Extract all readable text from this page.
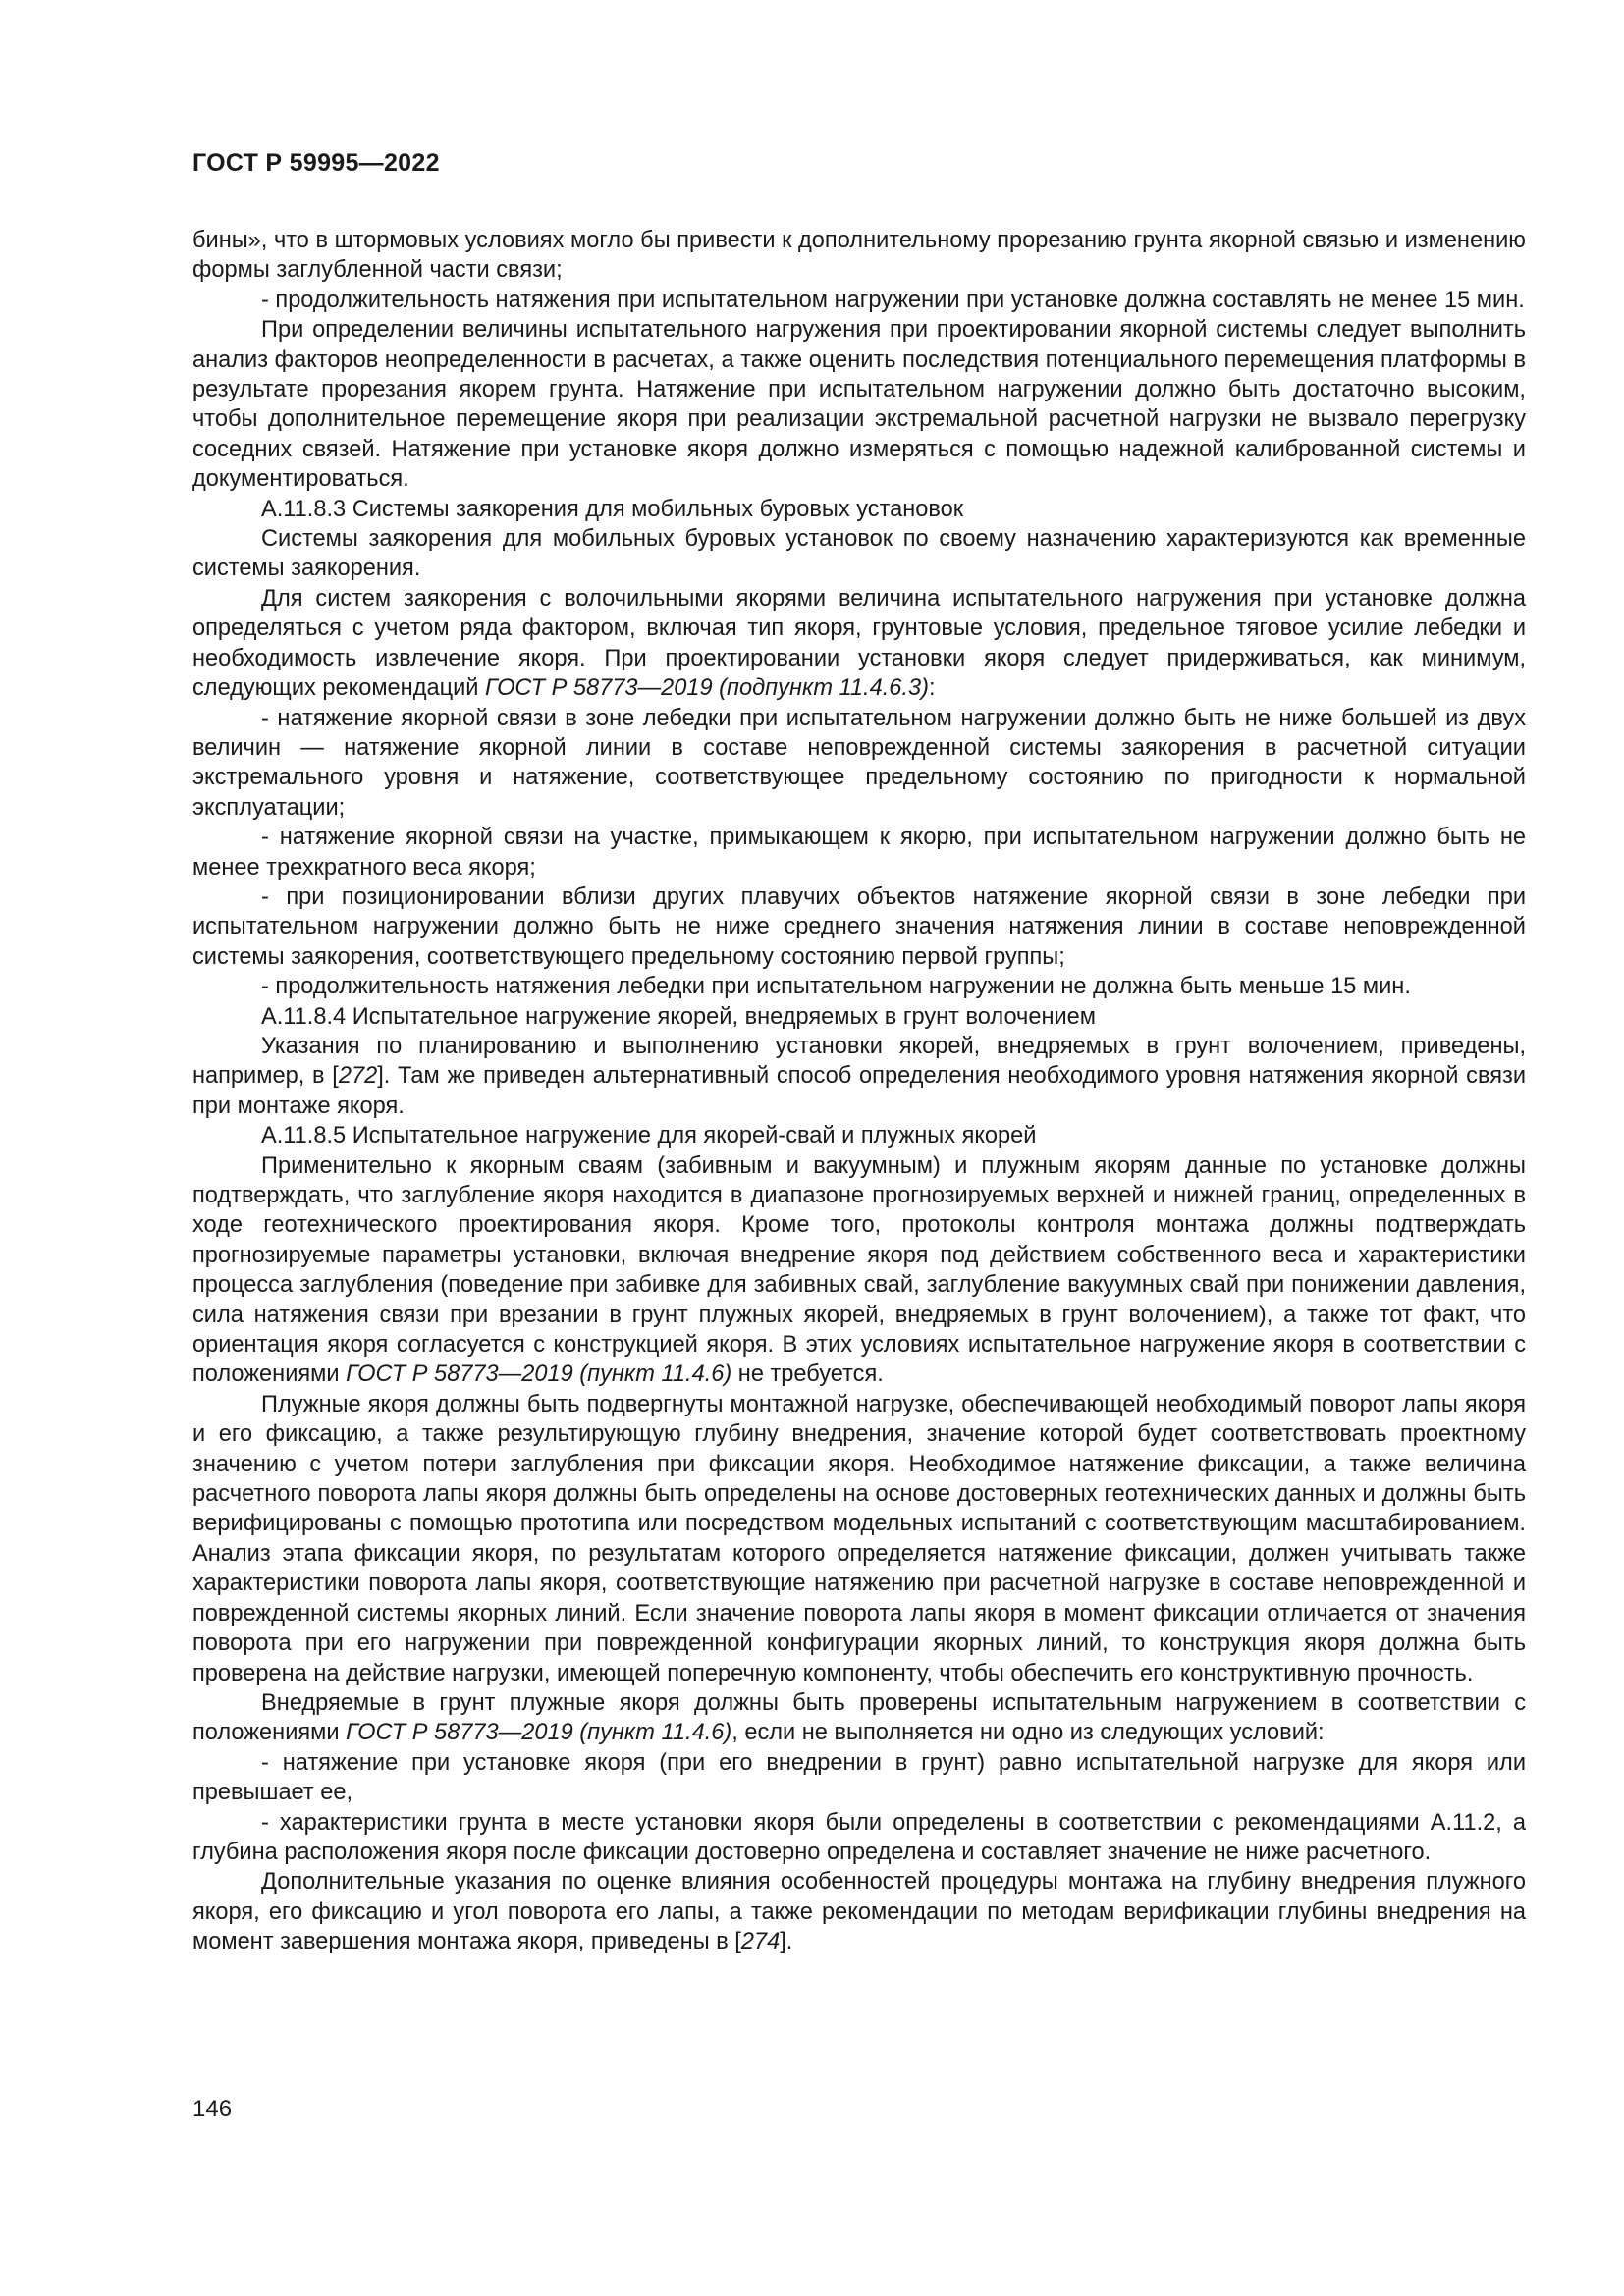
ГОСТ Р 59995—2022

бины», что в штормовых условиях могло бы привести к дополнительному прорезанию грунта якорной связью и изменению формы заглубленной части связи;

- продолжительность натяжения при испытательном нагружении при установке должна составлять не менее 15 мин.

При определении величины испытательного нагружения при проектировании якорной системы следует выполнить анализ факторов неопределенности в расчетах, а также оценить последствия потенциального перемещения платформы в результате прорезания якорем грунта. Натяжение при испытательном нагружении должно быть достаточно высоким, чтобы дополнительное перемещение якоря при реализации экстремальной расчетной нагрузки не вызвало перегрузку соседних связей. Натяжение при установке якоря должно измеряться с помощью надежной калиброванной системы и документироваться.

А.11.8.3 Системы заякорения для мобильных буровых установок

Системы заякорения для мобильных буровых установок по своему назначению характеризуются как временные системы заякорения.

Для систем заякорения с волочильными якорями величина испытательного нагружения при установке должна определяться с учетом ряда фактором, включая тип якоря, грунтовые условия, предельное тяговое усилие лебедки и необходимость извлечение якоря. При проектировании установки якоря следует придерживаться, как минимум, следующих рекомендаций ГОСТ Р 58773—2019 (подпункт 11.4.6.3):

- натяжение якорной связи в зоне лебедки при испытательном нагружении должно быть не ниже большей из двух величин — натяжение якорной линии в составе неповрежденной системы заякорения в расчетной ситуации экстремального уровня и натяжение, соответствующее предельному состоянию по пригодности к нормальной эксплуатации;

- натяжение якорной связи на участке, примыкающем к якорю, при испытательном нагружении должно быть не менее трехкратного веса якоря;

- при позиционировании вблизи других плавучих объектов натяжение якорной связи в зоне лебедки при испытательном нагружении должно быть не ниже среднего значения натяжения линии в составе неповрежденной системы заякорения, соответствующего предельному состоянию первой группы;

- продолжительность натяжения лебедки при испытательном нагружении не должна быть меньше 15 мин.

А.11.8.4 Испытательное нагружение якорей, внедряемых в грунт волочением

Указания по планированию и выполнению установки якорей, внедряемых в грунт волочением, приведены, например, в [272]. Там же приведен альтернативный способ определения необходимого уровня натяжения якорной связи при монтаже якоря.

А.11.8.5 Испытательное нагружение для якорей-свай и плужных якорей

Применительно к якорным сваям (забивным и вакуумным) и плужным якорям данные по установке должны подтверждать, что заглубление якоря находится в диапазоне прогнозируемых верхней и нижней границ, определенных в ходе геотехнического проектирования якоря. Кроме того, протоколы контроля монтажа должны подтверждать прогнозируемые параметры установки, включая внедрение якоря под действием собственного веса и характеристики процесса заглубления (поведение при забивке для забивных свай, заглубление вакуумных свай при понижении давления, сила натяжения связи при врезании в грунт плужных якорей, внедряемых в грунт волочением), а также тот факт, что ориентация якоря согласуется с конструкцией якоря. В этих условиях испытательное нагружение якоря в соответствии с положениями ГОСТ Р 58773—2019 (пункт 11.4.6) не требуется.

Плужные якоря должны быть подвергнуты монтажной нагрузке, обеспечивающей необходимый поворот лапы якоря и его фиксацию, а также результирующую глубину внедрения, значение которой будет соответствовать проектному значению с учетом потери заглубления при фиксации якоря. Необходимое натяжение фиксации, а также величина расчетного поворота лапы якоря должны быть определены на основе достоверных геотехнических данных и должны быть верифицированы с помощью прототипа или посредством модельных испытаний с соответствующим масштабированием. Анализ этапа фиксации якоря, по результатам которого определяется натяжение фиксации, должен учитывать также характеристики поворота лапы якоря, соответствующие натяжению при расчетной нагрузке в составе неповрежденной и поврежденной системы якорных линий. Если значение поворота лапы якоря в момент фиксации отличается от значения поворота при его нагружении при поврежденной конфигурации якорных линий, то конструкция якоря должна быть проверена на действие нагрузки, имеющей поперечную компоненту, чтобы обеспечить его конструктивную прочность.

Внедряемые в грунт плужные якоря должны быть проверены испытательным нагружением в соответствии с положениями ГОСТ Р 58773—2019 (пункт 11.4.6), если не выполняется ни одно из следующих условий:

- натяжение при установке якоря (при его внедрении в грунт) равно испытательной нагрузке для якоря или превышает ее,

- характеристики грунта в месте установки якоря были определены в соответствии с рекомендациями А.11.2, а глубина расположения якоря после фиксации достоверно определена и составляет значение не ниже расчетного.

Дополнительные указания по оценке влияния особенностей процедуры монтажа на глубину внедрения плужного якоря, его фиксацию и угол поворота его лапы, а также рекомендации по методам верификации глубины внедрения на момент завершения монтажа якоря, приведены в [274].

146
